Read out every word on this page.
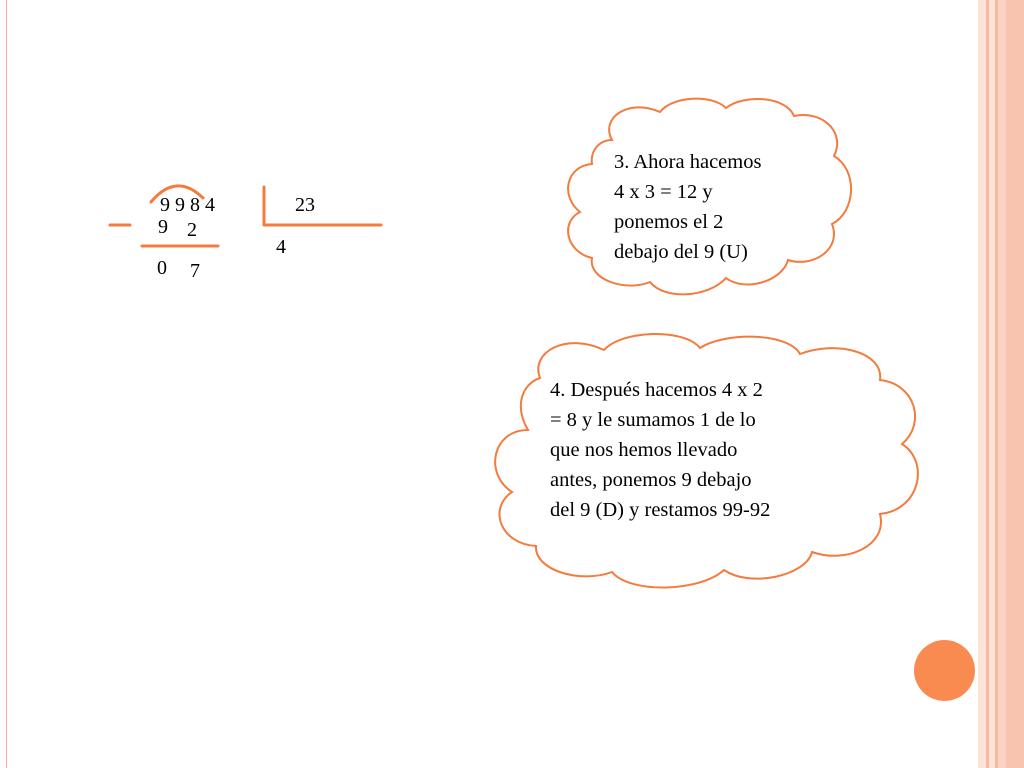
9 9 8 4	23
4
9 2
0 7
3. Ahora hacemos
4 x 3 = 12 y
ponemos el 2
debajo del 9 (U)
4. Después hacemos 4 x 2
= 8 y le sumamos 1 de lo
que nos hemos llevado
antes, ponemos 9 debajo
del 9 (D) y restamos 99-92
